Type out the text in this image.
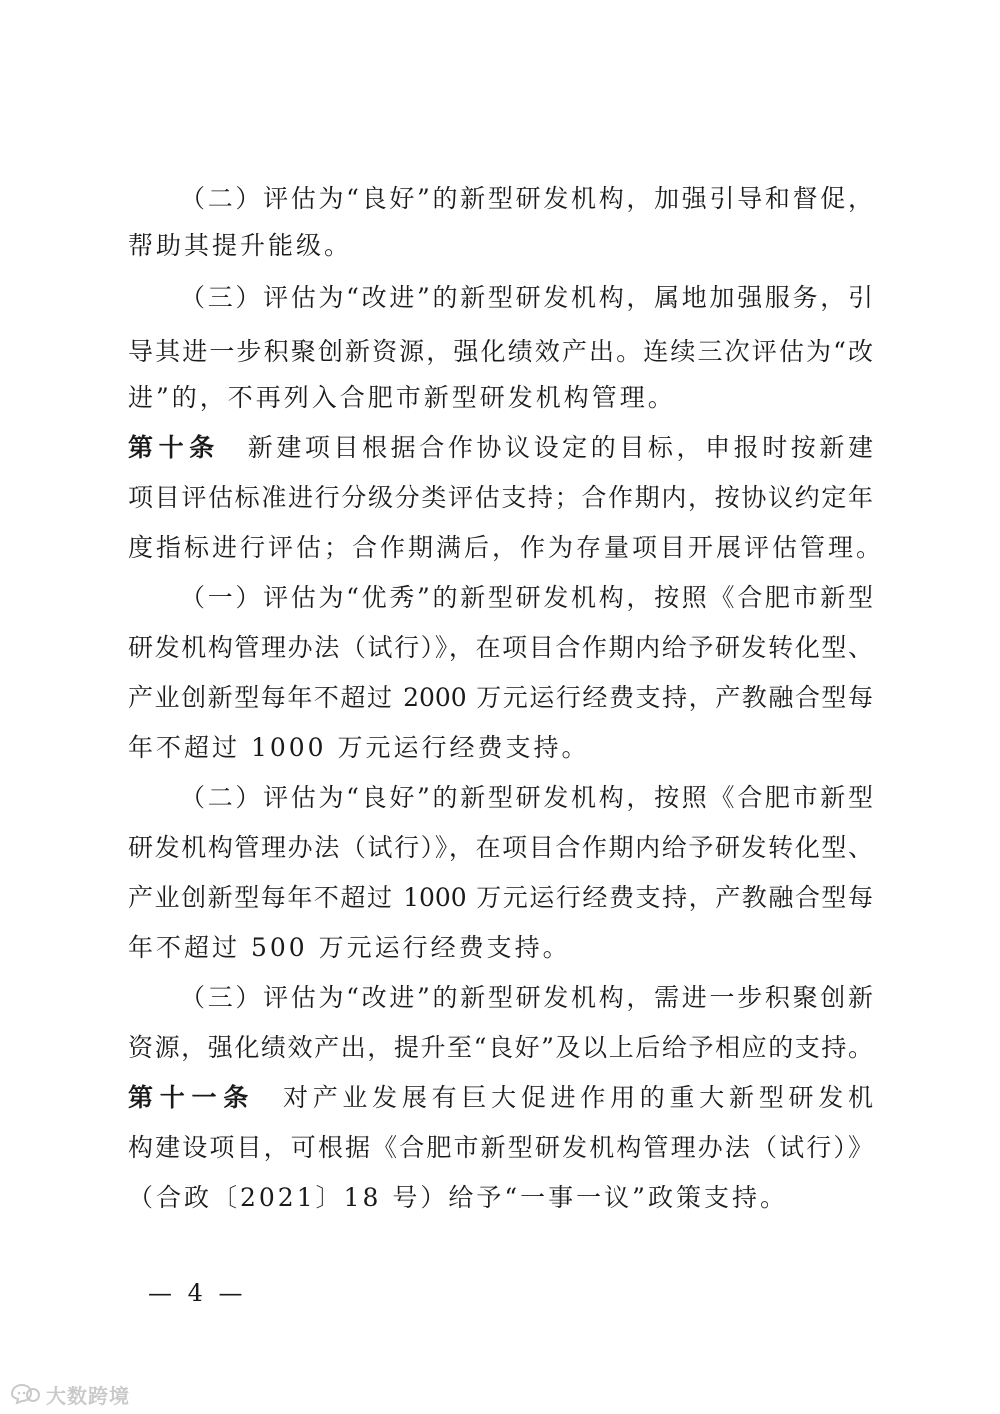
（二）评估为“良好”的新型研发机构，加强引导和督促，
帮助其提升能级。
（三）评估为“改进”的新型研发机构，属地加强服务，引
导其进一步积聚创新资源，强化绩效产出。连续三次评估为“改
进”的，不再列入合肥市新型研发机构管理。
第十条 新建项目根据合作协议设定的目标，申报时按新建
项目评估标准进行分级分类评估支持；合作期内，按协议约定年
度指标进行评估；合作期满后，作为存量项目开展评估管理。
（一）评估为“优秀”的新型研发机构，按照《合肥市新型
研发机构管理办法（试行）》，在项目合作期内给予研发转化型、
产业创新型每年不超过 2000 万元运行经费支持，产教融合型每
年不超过 1000 万元运行经费支持。
（二）评估为“良好”的新型研发机构，按照《合肥市新型
研发机构管理办法（试行）》，在项目合作期内给予研发转化型、
产业创新型每年不超过 1000 万元运行经费支持，产教融合型每
年不超过 500 万元运行经费支持。
（三）评估为“改进”的新型研发机构，需进一步积聚创新
资源，强化绩效产出，提升至“良好”及以上后给予相应的支持。
第十一条 对产业发展有巨大促进作用的重大新型研发机
构建设项目，可根据《合肥市新型研发机构管理办法（试行）》
（合政〔2021〕18 号）给予“一事一议”政策支持。
— 4 —
大数跨境
